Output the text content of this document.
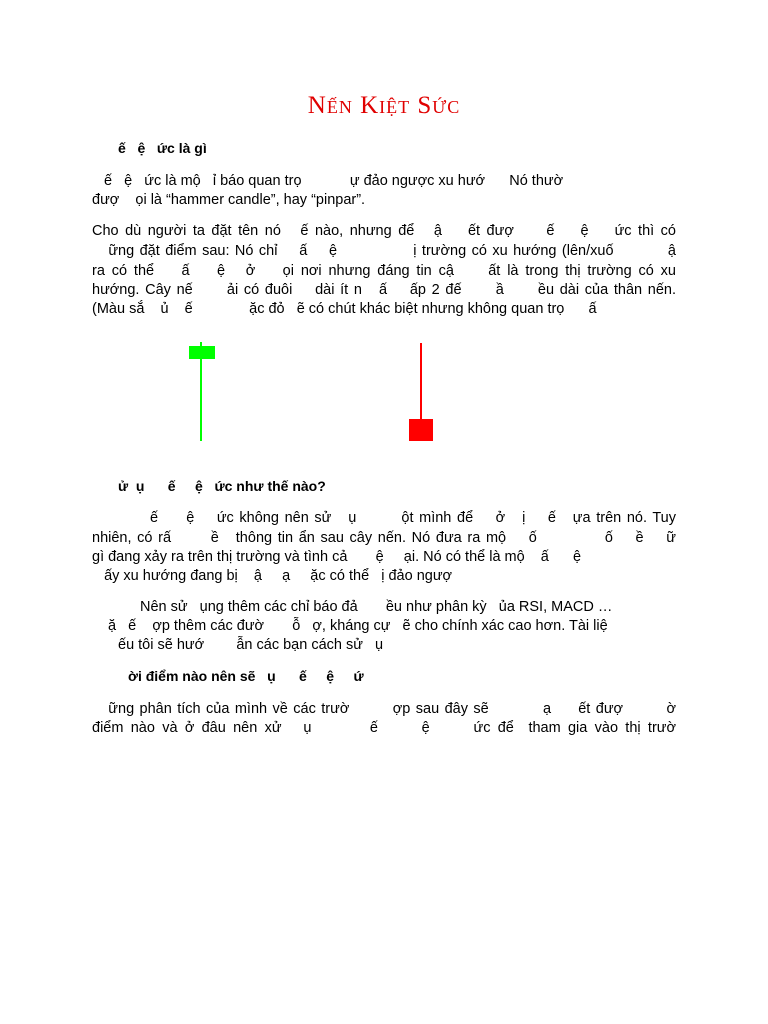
Nến Kiệt Sức
ế   ệ   ức là gì
ế   ệ   ức là mộ   ỉ báo quan trọ            ự đảo ngược xu hướ      Nó thườ
đượ    ọi là “hammer candle”, hay “pinpar”.
Cho dù người ta đặt tên nó   ế nào, nhưng để   ậ    ết đượ     ế    ệ    ức thì có
ững đặt điểm sau: Nó chỉ    ấ    ệ              ị trường có xu hướng (lên/xuố          ậ
ra có thể    ấ    ệ   ở    ọi nơi nhưng đáng tin cậ     ất là trong thị trường có xu
hướng. Cây nế      ải có đuôi    dài ít n   ấ    ấp 2 đế      ầ      ều dài của thân nến.
(Màu sắ    ủ    ế              ặc đỏ   ẽ có chút khác biệt nhưng không quan trọ      ấ
ử  ụ      ế     ệ   ức như thế nào?
ế     ệ    ức không nên sử   ụ        ột mình để    ở   ị    ế   ựa trên nó. Tuy
nhiên, có rấ       ề   thông tin ẩn sau cây nến. Nó đưa ra mộ    ố            ố    ề    ữ
gì đang xảy ra trên thị trường và tình cả       ệ     ại. Nó có thể là mộ    ấ      ệ
ấy xu hướng đang bị    ậ     ạ     ặc có thể   ị đảo ngượ
Nên sử   ụng thêm các chỉ báo đả       ều như phân kỳ   ủa RSI, MACD …
ặ   ế    ợp thêm các đườ       ỗ   ợ, kháng cự   ẽ cho chính xác cao hơn. Tài liệ
ếu tôi sẽ hướ        ẫn các bạn cách sử   ụ
ời điểm nào nên sẽ   ụ      ế     ệ     ứ
ững phân tích của mình về các trườ        ợp sau đây sẽ          ạ     ết đượ        ờ
điểm nào và ở đâu nên xử   ụ        ế      ệ      ức để  tham gia vào thị trườ
